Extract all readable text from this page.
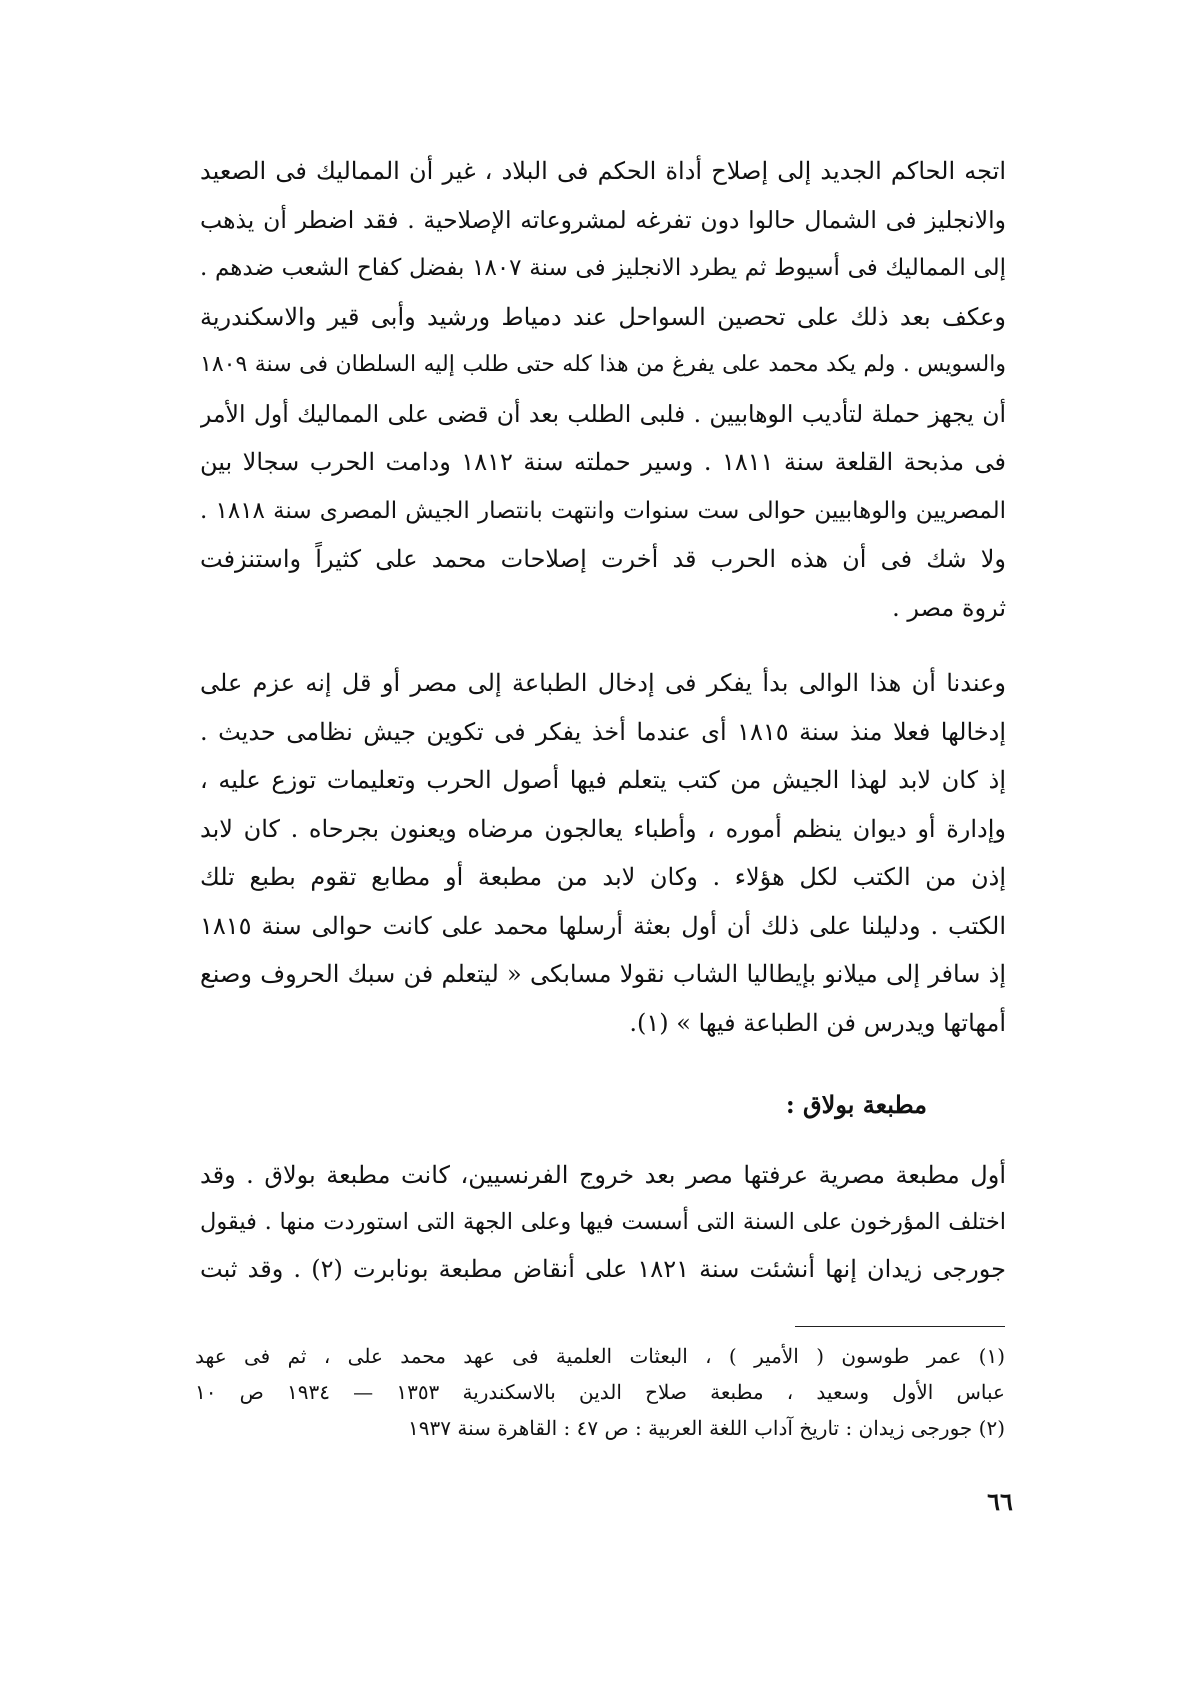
اتجه الحاكم الجديد إلى إصلاح أداة الحكم فى البلاد ، غير أن المماليك فى الصعيد
والانجليز فى الشمال حالوا دون تفرغه لمشروعاته الإصلاحية . فقد اضطر أن يذهب
إلى المماليك فى أسيوط ثم يطرد الانجليز فى سنة ١٨٠٧ بفضل كفاح الشعب ضدهم .
وعكف بعد ذلك على تحصين السواحل عند دمياط ورشيد وأبى قير والاسكندرية
والسويس . ولم يكد محمد على يفرغ من هذا كله حتى طلب إليه السلطان فى سنة ١٨٠٩
أن يجهز حملة لتأديب الوهابيين . فلبى الطلب بعد أن قضى على المماليك أول الأمر
فى مذبحة القلعة سنة ١٨١١ . وسير حملته سنة ١٨١٢ ودامت الحرب سجالا بين
المصريين والوهابيين حوالى ست سنوات وانتهت بانتصار الجيش المصرى سنة ١٨١٨ .
ولا شك فى أن هذه الحرب قد أخرت إصلاحات محمد على كثيراً واستنزفت
ثروة مصر .
وعندنا أن هذا الوالى بدأ يفكر فى إدخال الطباعة إلى مصر أو قل إنه عزم على
إدخالها فعلا منذ سنة ١٨١٥ أى عندما أخذ يفكر فى تكوين جيش نظامى حديث .
إذ كان لابد لهذا الجيش من كتب يتعلم فيها أصول الحرب وتعليمات توزع عليه ،
وإدارة أو ديوان ينظم أموره ، وأطباء يعالجون مرضاه ويعنون بجرحاه . كان لابد
إذن من الكتب لكل هؤلاء . وكان لابد من مطبعة أو مطابع تقوم بطبع تلك
الكتب . ودليلنا على ذلك أن أول بعثة أرسلها محمد على كانت حوالى سنة ١٨١٥
إذ سافر إلى ميلانو بإيطاليا الشاب نقولا مسابكى « ليتعلم فن سبك الحروف وصنع
أمهاتها ويدرس فن الطباعة فيها » (١).
مطبعة بولاق :
أول مطبعة مصرية عرفتها مصر بعد خروج الفرنسيين، كانت مطبعة بولاق . وقد
اختلف المؤرخون على السنة التى أسست فيها وعلى الجهة التى استوردت منها . فيقول
جورجى زيدان إنها أنشئت سنة ١٨٢١ على أنقاض مطبعة بونابرت (٢) . وقد ثبت
(١) عمر طوسون ( الأمير ) ، البعثات العلمية فى عهد محمد على ، ثم فى عهد
عباس الأول وسعيد ، مطبعة صلاح الدين بالاسكندرية ١٣٥٣ — ١٩٣٤ ص ١٠
(٢) جورجى زيدان : تاريخ آداب اللغة العربية : ص ٤٧ : القاهرة سنة ١٩٣٧
٦٦
